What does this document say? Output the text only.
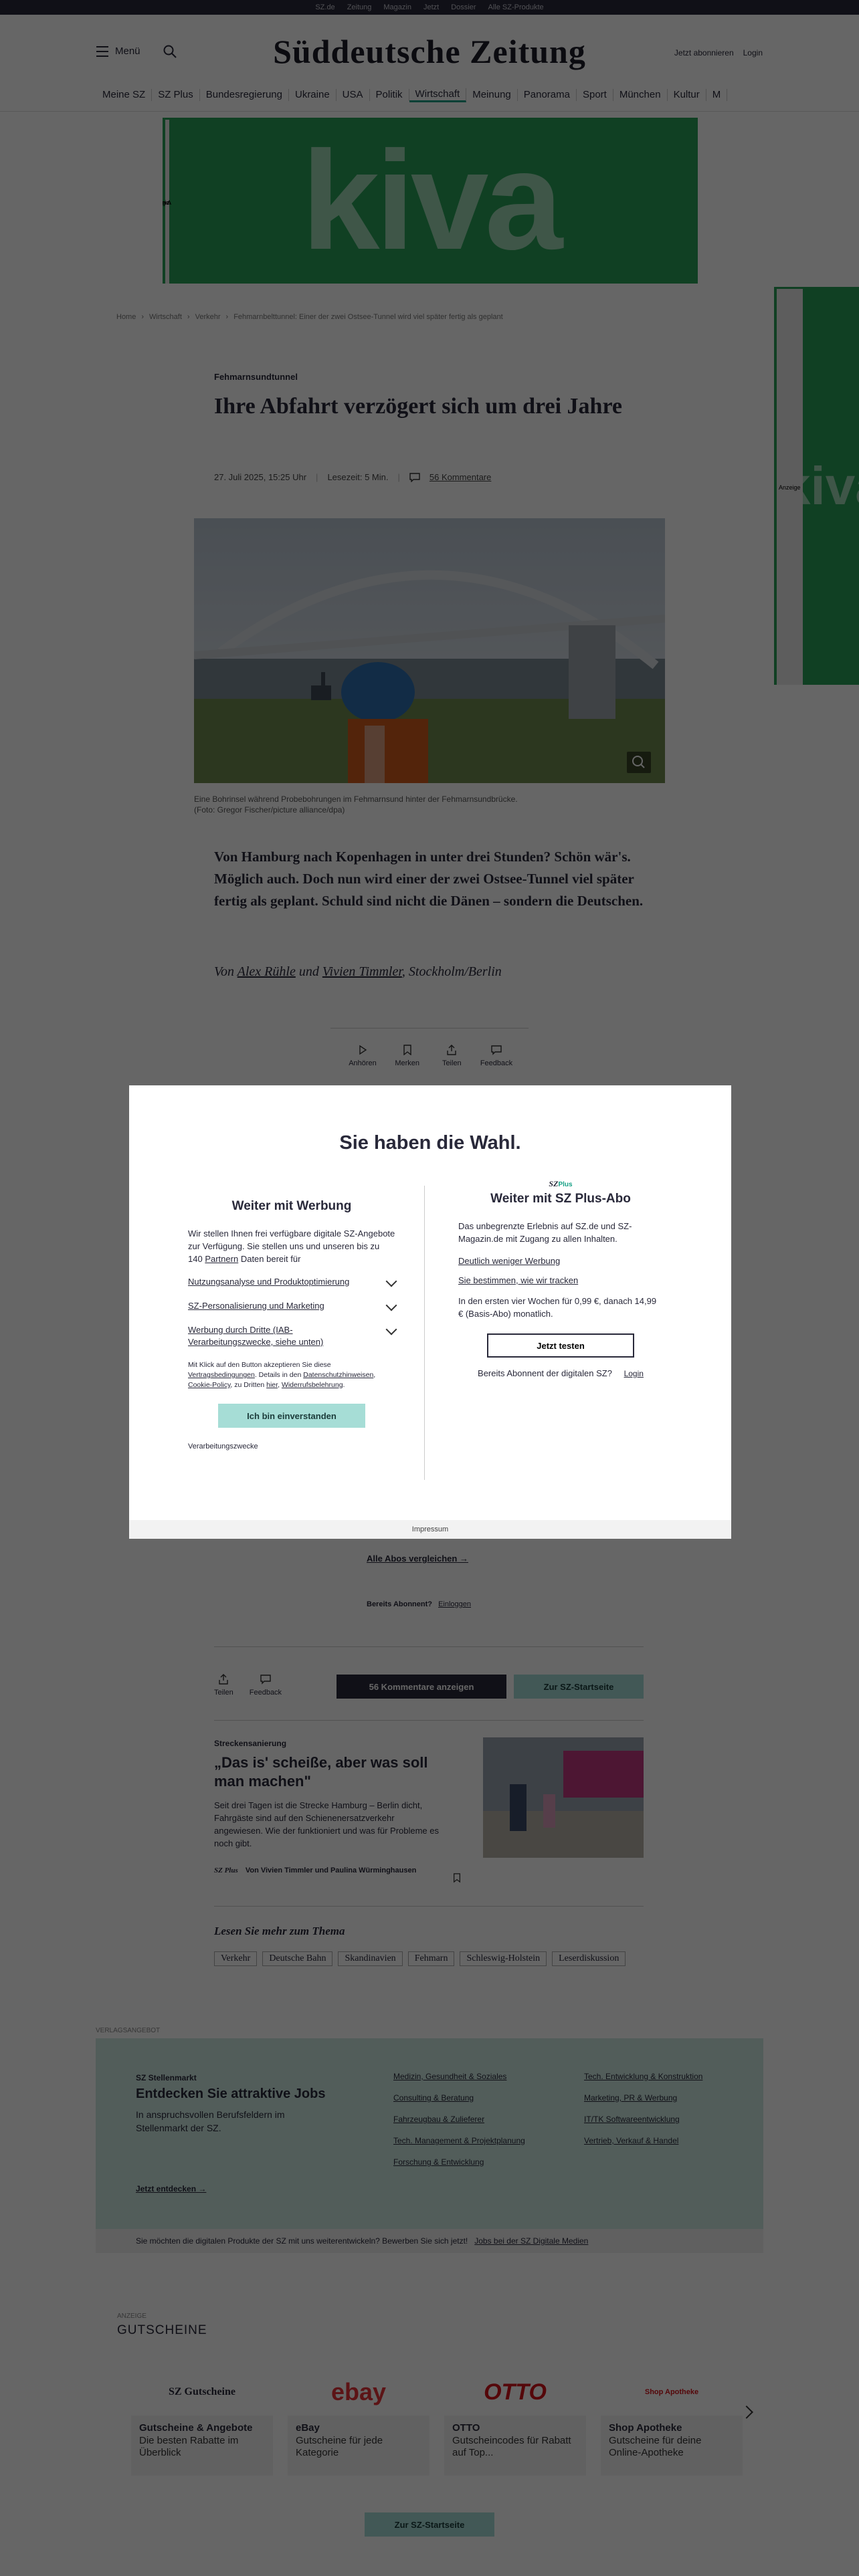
Sie haben die Wahl.
Weiter mit Werbung

Wir stellen Ihnen frei verfügbare digitale SZ-Angebote zur Verfügung. Sie stellen uns und unseren bis zu 140 Partnern Daten bereit für

Nutzungsanalyse und Produktoptimierung
SZ-Personalisierung und Marketing
Werbung durch Dritte (IAB-Verarbeitungszwecke, siehe unten)

Mit Klick auf den Button akzeptieren Sie diese Vertragsbedingungen. Details in den Datenschutzhinweisen, Cookie-Policy, zu Dritten hier, Widerrufsbelehrung.

Ich bin einverstanden
Verarbeitungszwecke
SZPlus
Weiter mit SZ Plus-Abo

Das unbegrenzte Erlebnis auf SZ.de und SZ-Magazin.de mit Zugang zu allen Inhalten.

Deutlich weniger Werbung
Sie bestimmen, wie wir tracken

In den ersten vier Wochen für 0,99 €, danach 14,99 € (Basis-Abo) monatlich.

Jetzt testen
Bereits Abonnent der digitalen SZ? Login
Impressum
